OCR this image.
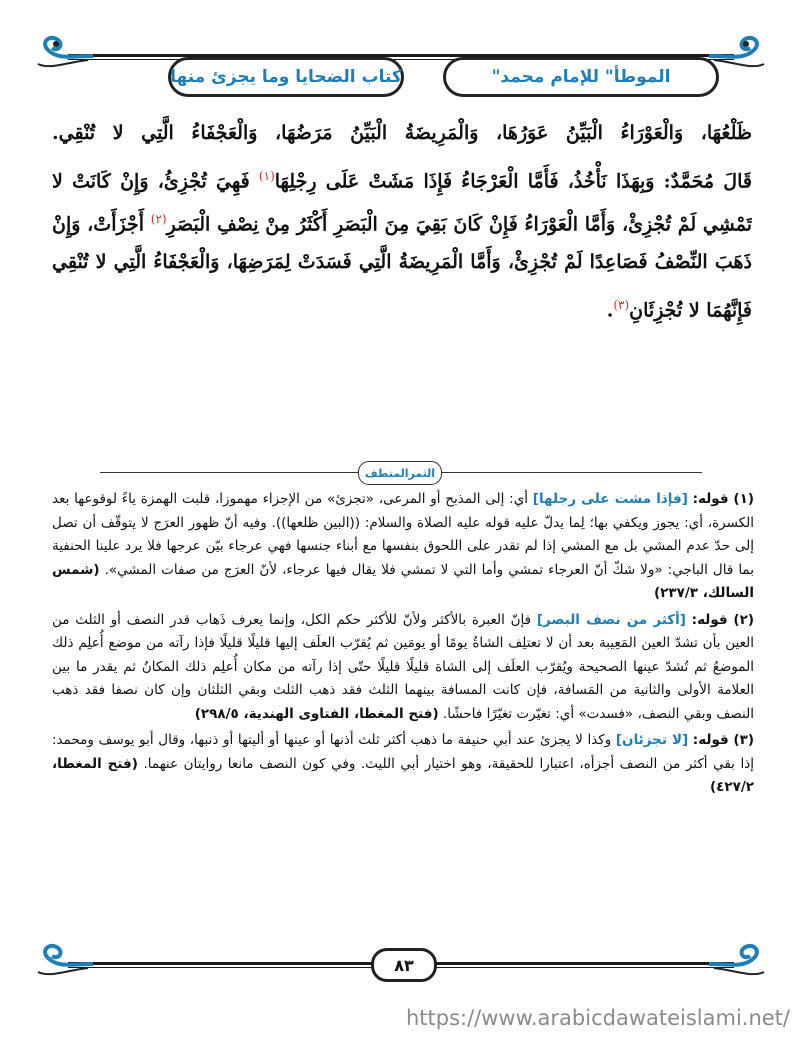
كتاب الضحايا وما يجزئ منها	"الموطأ" للإمام محمد
ظَلْعُهَا، وَالْعَوْرَاءُ الْبَيِّنُ عَوَرُهَا، وَالْمَرِيضَةُ الْبَيِّنُ مَرَضُهَا، وَالْعَجْفَاءُ الَّتِي لا تُنْقِي.
قَالَ مُحَمَّدٌ: وَبِهَذَا نَأْخُذُ، فَأَمَّا الْعَرْجَاءُ فَإِذَا مَشَتْ عَلَى رِجْلِهَا$^{(١)}$ فَهِيَ تُجْزِئُ، وَإِنْ كَانَتْ لا
تَمْشِي لَمْ تُجْزِئْ، وَأَمَّا الْعَوْرَاءُ فَإِنْ كَانَ بَقِيَ مِنَ الْبَصَرِ أَكْثَرُ مِنْ نِصْفِ الْبَصَرِ$^{(٢)}$ أَجْزَأَتْ، وَإِنْ
ذَهَبَ النِّصْفُ فَصَاعِدًا لَمْ تُجْزِئْ، وَأَمَّا الْمَرِيضَةُ الَّتِي فَسَدَتْ لِمَرَضِهَا، وَالْعَجْفَاءُ الَّتِي لا تُنْقِي
فَإِنَّهُمَا لا تُجْزِئَانِ$^{(٣)}$.
الثمرالمتطف

(١) قوله: [فإذا مشت على رجلها] أي: إلى المذبح أو المرعى، «تجزئ» من الإجزاء مهموزا، قلبت الهمزة ياءً لوقوعها بعد الكسرة، أي: يجوز ويكفي بها؛ لِما يدلّ عليه قوله عليه الصلاة والسلام: ((البين ظلعها)). وفيه أنّ ظهور العرَج لا يتوقّف أن تصل إلى حدّ عدم المشي بل مع المشي إذا لم تقدر على اللحوق بنفسها مع أبناء جنسها فهي عرجاء بيّن عرجها فلا يرد علينا الحنفية بما قال الباجي: «ولا شكّ أنّ العرجاء تمشي وأما التي لا تمشي فلا يقال فيها عرجاء، لأنّ العرَج من صفات المشي». (شمس السالك، ٢٣٧/٣)

(٢) قوله: [أكثر من نصف البصر] فإنّ العبرة بالأكثر ولأنّ للأكثر حكم الكل، وإنما يعرف ذَهاب قدر النصف أو الثلث من العين بأن تشدّ العين المَعِيبة بعد أن لا تعتلِف الشاةُ يومًا أو يومَين ثم يُقرّب العلَف إليها قليلًا قليلًا فإذا رآته من موضع أُعلِم ذلك الموضعُ ثم تُشدّ عينها الصحيحة ويُقرّب العلَف إلى الشاة قليلًا قليلًا حتّى إذا رآته من مكان أُعلِم ذلك المكانُ ثم يقدر ما بين العلامة الأولى والثانية من المَسافة، فإن كانت المسافة بينهما الثلث فقد ذهب الثلث وبقي الثلثان وإن كان نصفا فقد ذهب النصف وبقي النصف، «فسدت» أي: تغيّرت تغيّرًا فاحشًا. (فتح المغطا، الفتاوى الهندية، ٢٩٨/٥)

(٣) قوله: [لا تجزئان] وكذا لا يجزئ عند أبي حنيفة ما ذهب أكثر ثلث أذنها أو عينها أو أليتها أو ذنبها، وقال أبو يوسف ومحمد: إذا بقي أكثر من النصف أجزأه، اعتبارا للحقيقة، وهو اختيار أبي الليث. وفي كون النصف مانعا روايتان عنهما. (فتح المغطا، ٤٢٧/٢)

٨٣
https://www.arabicdawateislami.net/
